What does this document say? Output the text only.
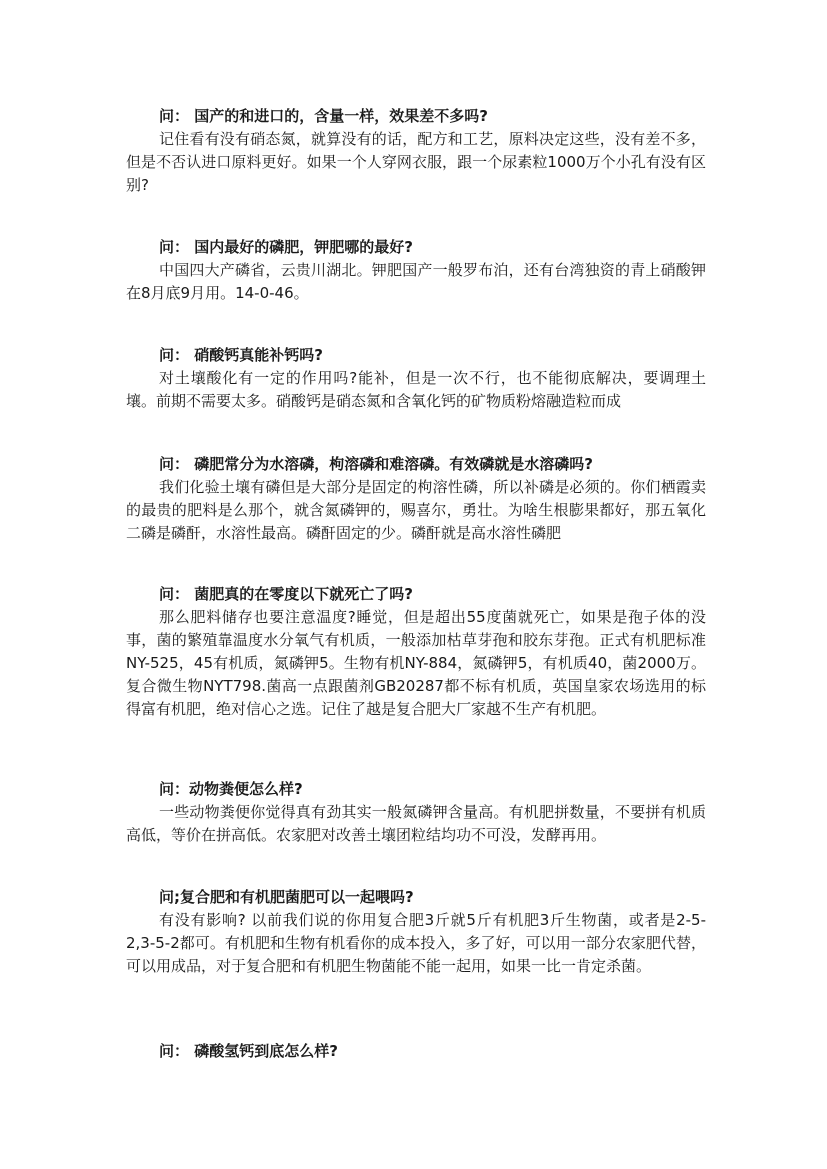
问： 国产的和进口的，含量一样，效果差不多吗?

记住看有没有硝态氮，就算没有的话，配方和工艺，原料决定这些，没有差不多，但是不否认进口原料更好。如果一个人穿网衣服，跟一个尿素粒1000万个小孔有没有区别?

问： 国内最好的磷肥，钾肥哪的最好?

中国四大产磷省，云贵川湖北。钾肥国产一般罗布泊，还有台湾独资的青上硝酸钾在8月底9月用。14-0-46。

问： 硝酸钙真能补钙吗?

对土壤酸化有一定的作用吗?能补，但是一次不行，也不能彻底解决，要调理土壤。前期不需要太多。硝酸钙是硝态氮和含氧化钙的矿物质粉熔融造粒而成

问： 磷肥常分为水溶磷，枸溶磷和难溶磷。有效磷就是水溶磷吗?

我们化验土壤有磷但是大部分是固定的枸溶性磷，所以补磷是必须的。你们栖霞卖的最贵的肥料是么那个，就含氮磷钾的，赐喜尔，勇壮。为啥生根膨果都好，那五氧化二磷是磷酐，水溶性最高。磷酐固定的少。磷酐就是高水溶性磷肥

问： 菌肥真的在零度以下就死亡了吗?

那么肥料储存也要注意温度?睡觉，但是超出55度菌就死亡，如果是孢子体的没事，菌的繁殖靠温度水分氧气有机质，一般添加枯草芽孢和胶东芽孢。正式有机肥标准NY-525，45有机质，氮磷钾5。生物有机NY-884，氮磷钾5，有机质40，菌2000万。复合微生物NYT798.菌高一点跟菌剂GB20287都不标有机质，英国皇家农场选用的标得富有机肥，绝对信心之选。记住了越是复合肥大厂家越不生产有机肥。

问：动物粪便怎么样?

一些动物粪便你觉得真有劲其实一般氮磷钾含量高。有机肥拼数量，不要拼有机质高低，等价在拼高低。农家肥对改善土壤团粒结均功不可没，发酵再用。

问;复合肥和有机肥菌肥可以一起喂吗?

有没有影响? 以前我们说的你用复合肥3斤就5斤有机肥3斤生物菌，或者是2-5-2,3-5-2都可。有机肥和生物有机看你的成本投入，多了好，可以用一部分农家肥代替，可以用成品，对于复合肥和有机肥生物菌能不能一起用，如果一比一肯定杀菌。

问： 磷酸氢钙到底怎么样?
